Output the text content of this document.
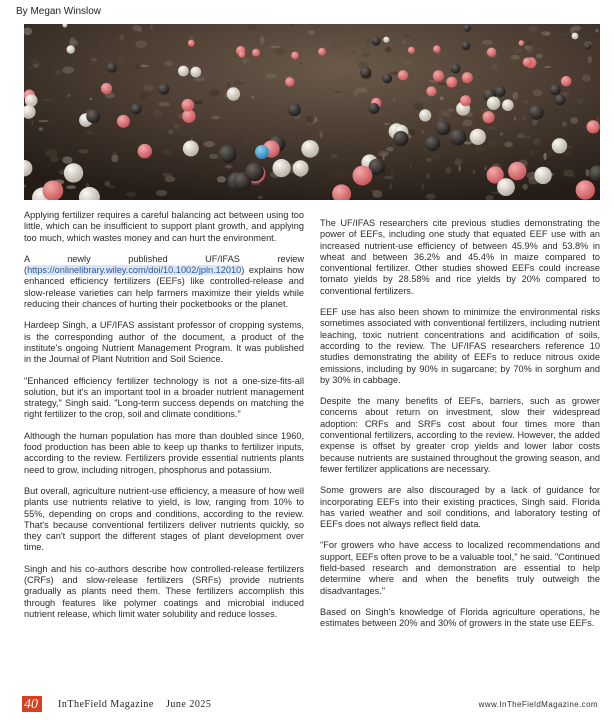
By Megan Winslow

Applying fertilizer requires a careful balancing act between using too little, which can be insufficient to support plant growth, and applying too much, which wastes money and can hurt the environment.

A newly published UF/IFAS review (https://onlinelibrary.wiley.com/doi/10.1002/jpln.12010) explains how enhanced efficiency fertilizers (EEFs) like controlled-release and slow-release varieties can help farmers maximize their yields while reducing their chances of hurting their pocketbooks or the planet.

Hardeep Singh, a UF/IFAS assistant professor of cropping systems, is the corresponding author of the document, a product of the institute's ongoing Nutrient Management Program. It was published in the Journal of Plant Nutrition and Soil Science.

"Enhanced efficiency fertilizer technology is not a one-size-fits-all solution, but it's an important tool in a broader nutrient management strategy," Singh said. "Long-term success depends on matching the right fertilizer to the crop, soil and climate conditions."

Although the human population has more than doubled since 1960, food production has been able to keep up thanks to fertilizer inputs, according to the review. Fertilizers provide essential nutrients plants need to grow, including nitrogen, phosphorus and potassium.

But overall, agriculture nutrient-use efficiency, a measure of how well plants use nutrients relative to yield, is low, ranging from 10% to 55%, depending on crops and conditions, according to the review. That's because conventional fertilizers deliver nutrients quickly, so they can't support the different stages of plant development over time.

Singh and his co-authors describe how controlled-release fertilizers (CRFs) and slow-release fertilizers (SRFs) provide nutrients gradually as plants need them. These fertilizers accomplish this through features like polymer coatings and microbial induced nutrient release, which limit water solubility and reduce losses.

The UF/IFAS researchers cite previous studies demonstrating the power of EEFs, including one study that equated EEF use with an increased nutrient-use efficiency of between 45.9% and 53.8% in wheat and between 36.2% and 45.4% in maize compared to conventional fertilizer. Other studies showed EEFs could increase tomato yields by 28.58% and rice yields by 20% compared to conventional fertilizers.

EEF use has also been shown to minimize the environmental risks sometimes associated with conventional fertilizers, including nutrient leaching, toxic nutrient concentrations and acidification of soils, according to the review. The UF/IFAS researchers reference 10 studies demonstrating the ability of EEFs to reduce nitrous oxide emissions, including by 90% in sugarcane; by 70% in sorghum and by 30% in cabbage.

Despite the many benefits of EEFs, barriers, such as grower concerns about return on investment, slow their widespread adoption: CRFs and SRFs cost about four times more than conventional fertilizers, according to the review. However, the added expense is offset by greater crop yields and lower labor costs because nutrients are sustained throughout the growing season, and fewer fertilizer applications are necessary.

Some growers are also discouraged by a lack of guidance for incorporating EEFs into their existing practices, Singh said. Florida has varied weather and soil conditions, and laboratory testing of EEFs does not always reflect field data.

"For growers who have access to localized recommendations and support, EEFs often prove to be a valuable tool," he said. "Continued field-based research and demonstration are essential to help determine where and when the benefits truly outweigh the disadvantages."

Based on Singh's knowledge of Florida agriculture operations, he estimates between 20% and 30% of growers in the state use EEFs.

40	InTheField Magazine June 2025	www.InTheFieldMagazine.com
